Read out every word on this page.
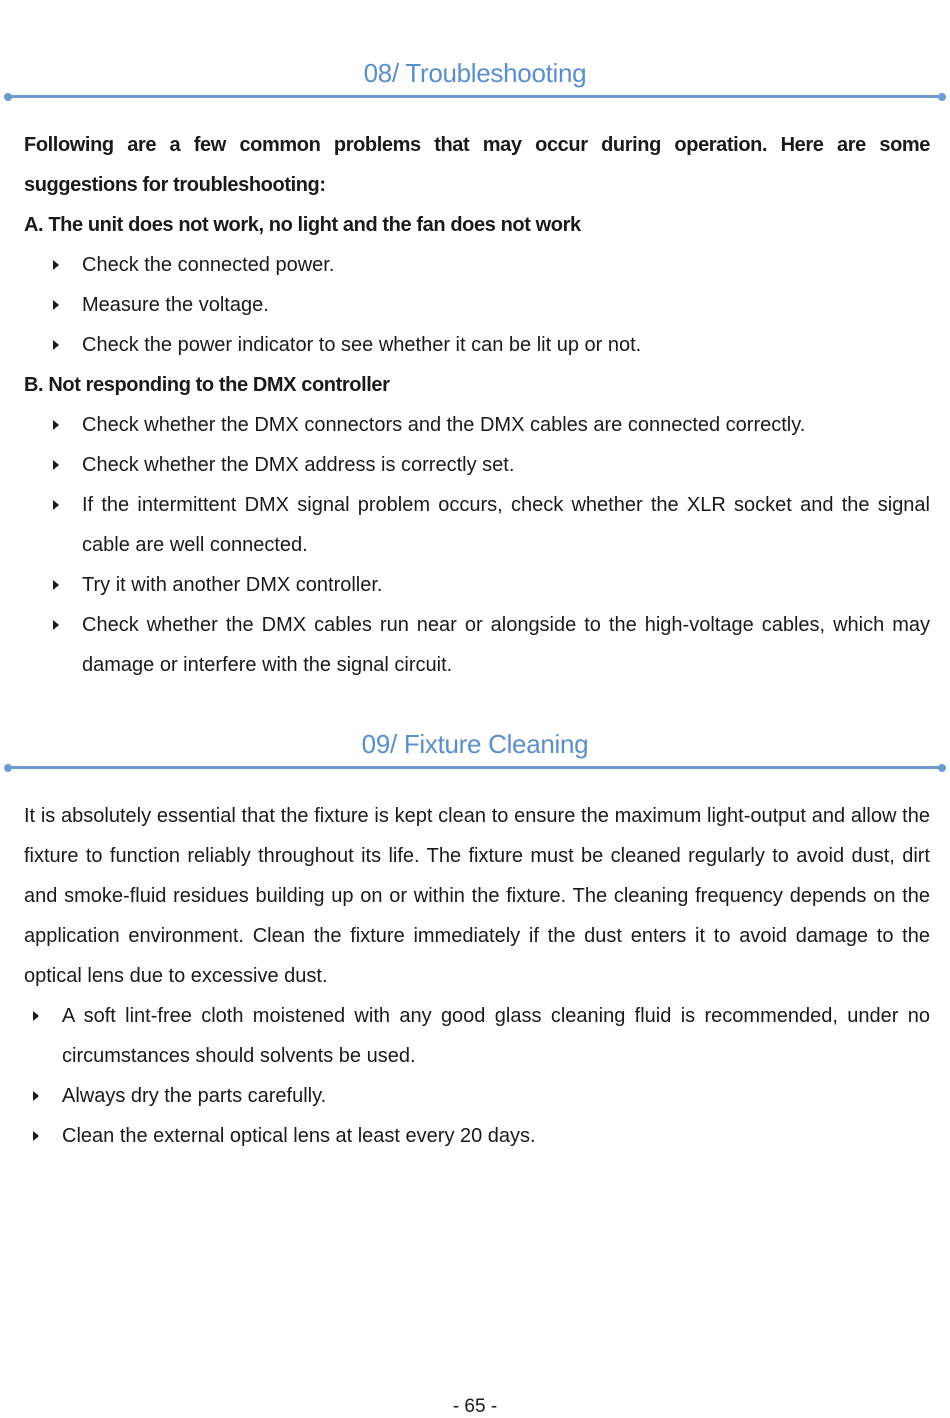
08/ Troubleshooting
Following are a few common problems that may occur during operation. Here are some suggestions for troubleshooting:
A. The unit does not work, no light and the fan does not work
Check the connected power.
Measure the voltage.
Check the power indicator to see whether it can be lit up or not.
B. Not responding to the DMX controller
Check whether the DMX connectors and the DMX cables are connected correctly.
Check whether the DMX address is correctly set.
If the intermittent DMX signal problem occurs, check whether the XLR socket and the signal cable are well connected.
Try it with another DMX controller.
Check whether the DMX cables run near or alongside to the high-voltage cables, which may damage or interfere with the signal circuit.
09/ Fixture Cleaning
It is absolutely essential that the fixture is kept clean to ensure the maximum light-output and allow the fixture to function reliably throughout its life. The fixture must be cleaned regularly to avoid dust, dirt and smoke-fluid residues building up on or within the fixture. The cleaning frequency depends on the application environment. Clean the fixture immediately if the dust enters it to avoid damage to the optical lens due to excessive dust.
A soft lint-free cloth moistened with any good glass cleaning fluid is recommended, under no circumstances should solvents be used.
Always dry the parts carefully.
Clean the external optical lens at least every 20 days.
- 65 -
